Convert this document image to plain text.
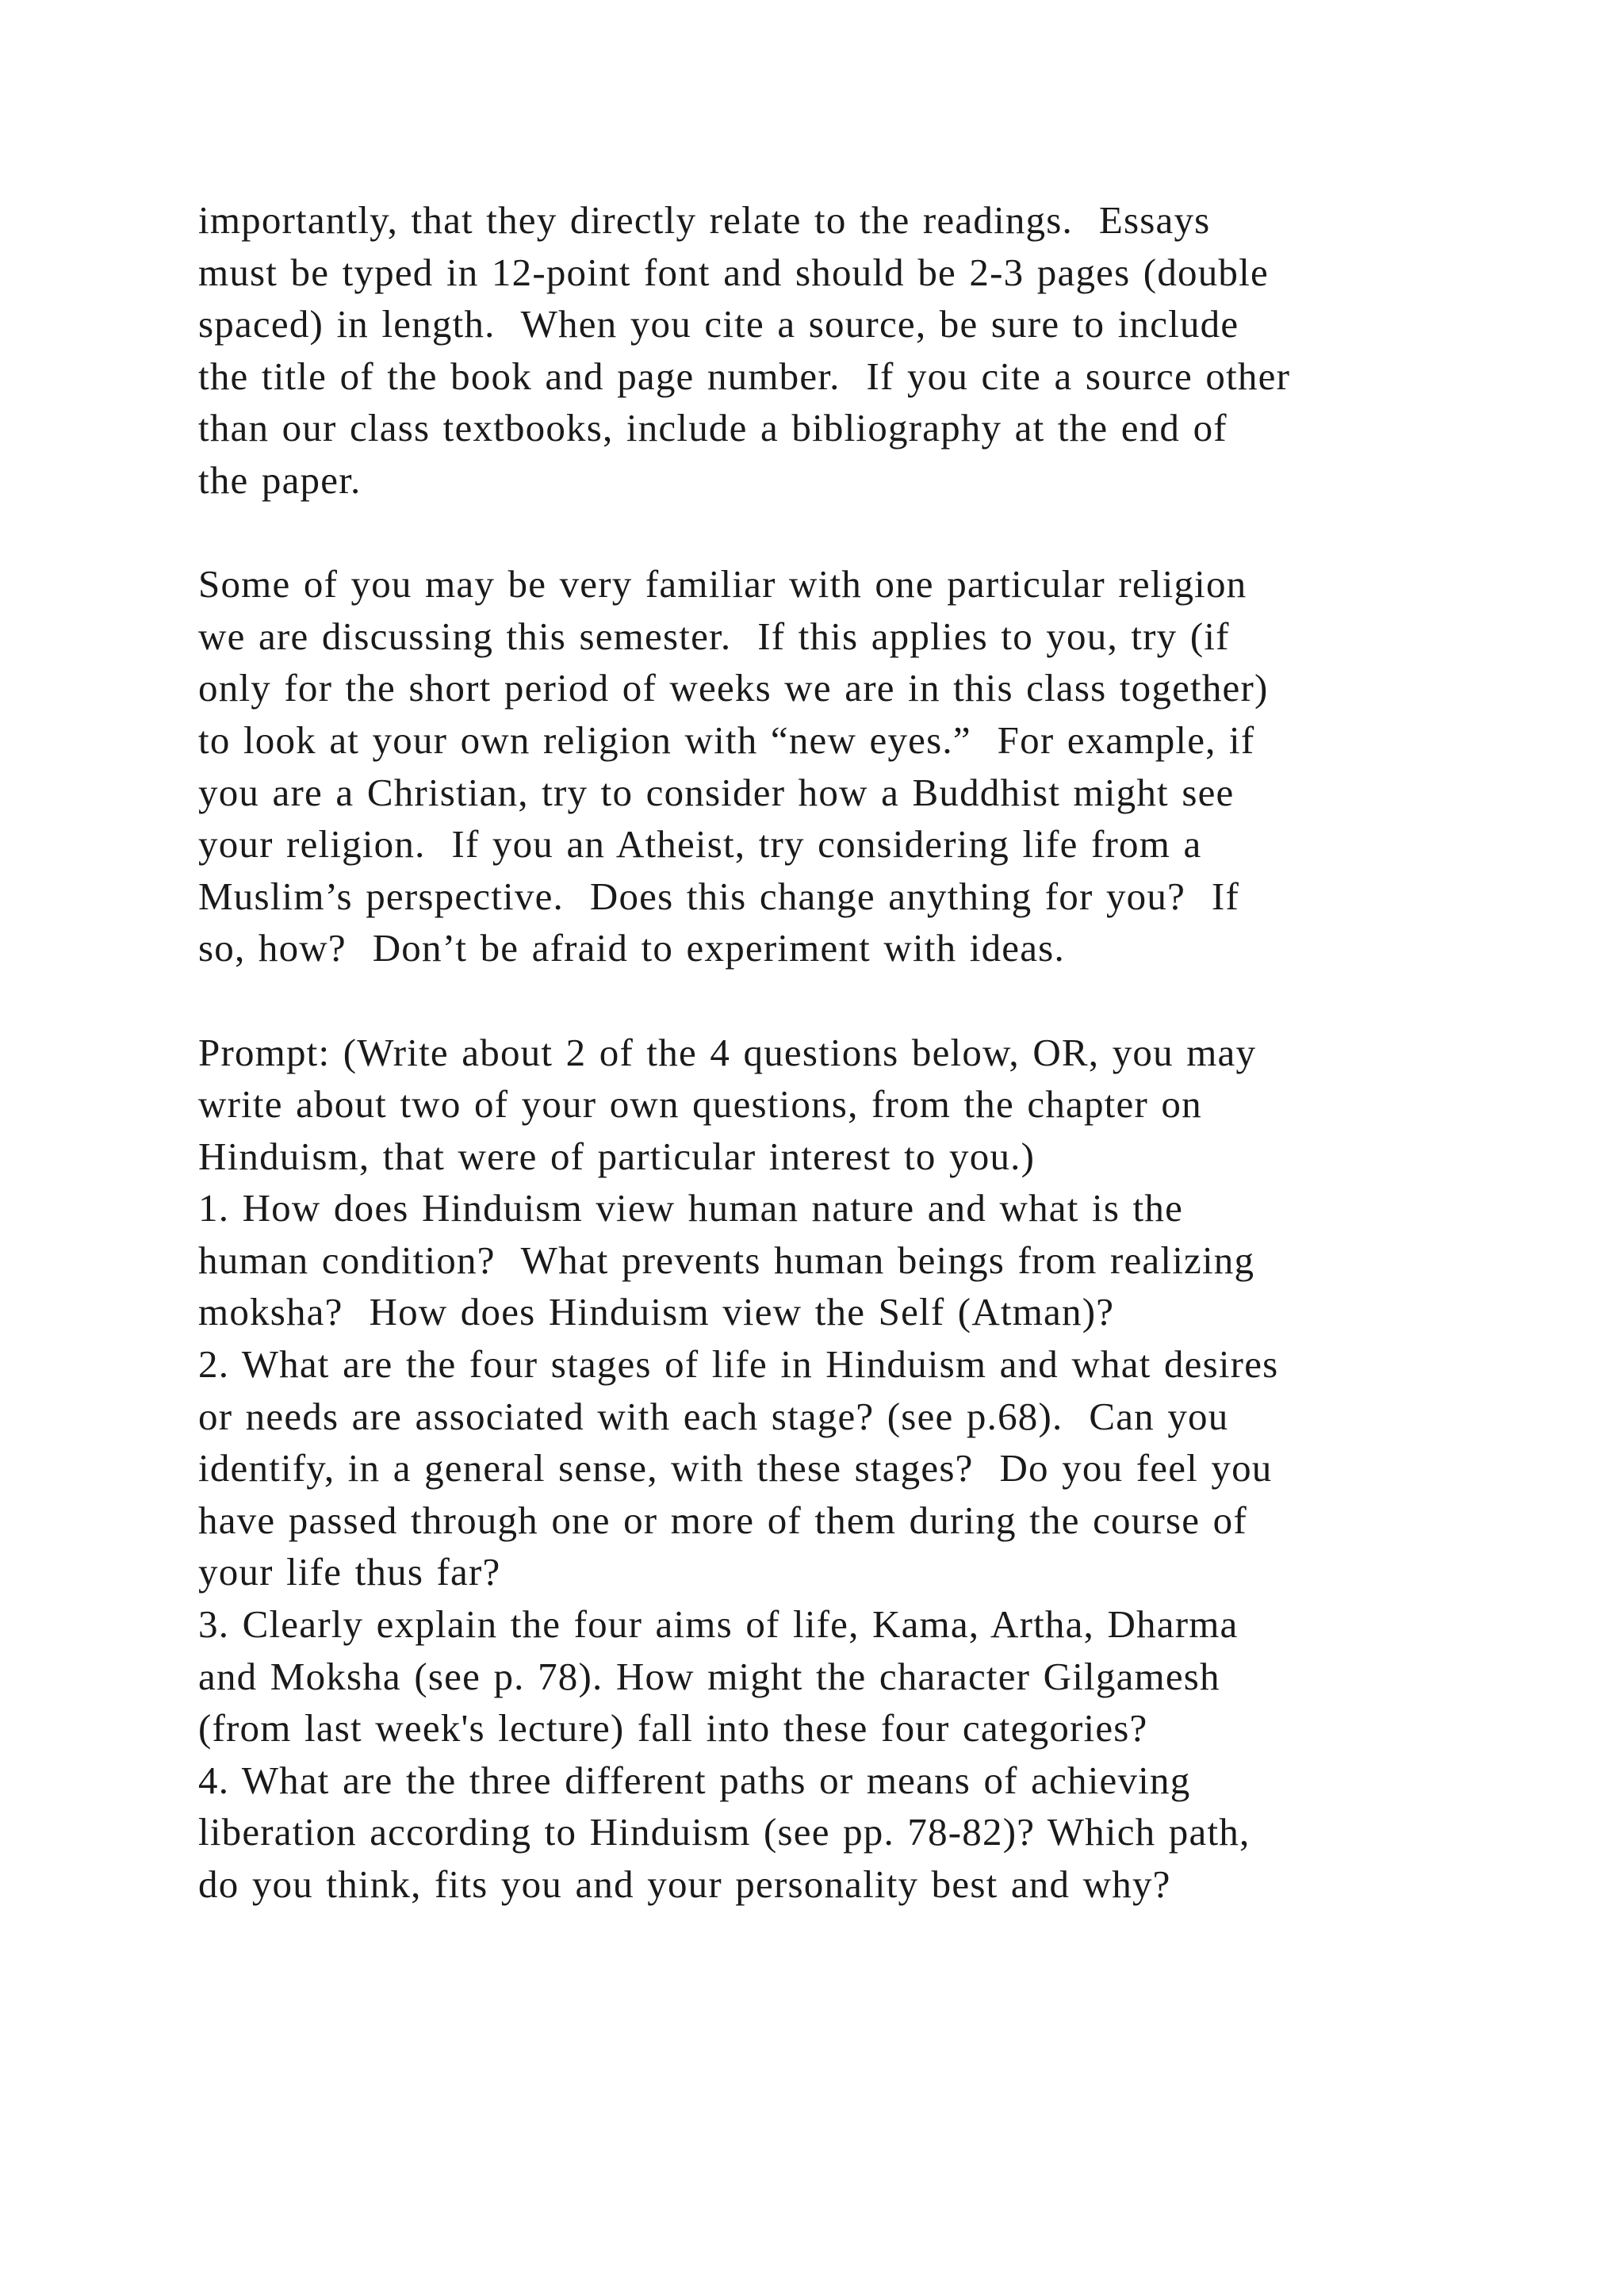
importantly, that they directly relate to the readings.  Essays
must be typed in 12-point font and should be 2-3 pages (double
spaced) in length.  When you cite a source, be sure to include
the title of the book and page number.  If you cite a source other
than our class textbooks, include a bibliography at the end of
the paper.
Some of you may be very familiar with one particular religion
we are discussing this semester.  If this applies to you, try (if
only for the short period of weeks we are in this class together)
to look at your own religion with “new eyes.”  For example, if
you are a Christian, try to consider how a Buddhist might see
your religion.  If you an Atheist, try considering life from a
Muslim’s perspective.  Does this change anything for you?  If
so, how?  Don’t be afraid to experiment with ideas.
Prompt: (Write about 2 of the 4 questions below, OR, you may
write about two of your own questions, from the chapter on
Hinduism, that were of particular interest to you.)
1. How does Hinduism view human nature and what is the
human condition?  What prevents human beings from realizing
moksha?  How does Hinduism view the Self (Atman)?
2. What are the four stages of life in Hinduism and what desires
or needs are associated with each stage? (see p.68).  Can you
identify, in a general sense, with these stages?  Do you feel you
have passed through one or more of them during the course of
your life thus far?
3. Clearly explain the four aims of life, Kama, Artha, Dharma
and Moksha (see p. 78). How might the character Gilgamesh
(from last week's lecture) fall into these four categories?
4. What are the three different paths or means of achieving
liberation according to Hinduism (see pp. 78-82)? Which path,
do you think, fits you and your personality best and why?
